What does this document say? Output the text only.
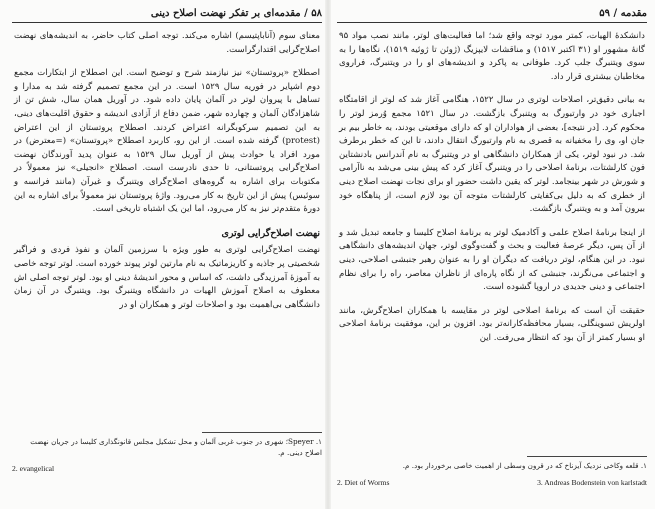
۵۸ / مقدمه‌ای بر تفکر نهضت اصلاح دینی

معنای سوم (آناباپتیسم) اشاره می‌کند. توجه اصلی کتاب حاضر، به اندیشه‌های نهضت اصلاح‌گرایی اقتدارگراست.

اصطلاح «پروتستان» نیز نیازمند شرح و توضیح است. این اصطلاح از ابتکارات مجمع دوم اشپایر در فوریه سال ۱۵۲۹ است. در این مجمع تصمیم گرفته شد به مدارا و تساهل با پیروان لوتر در آلمان پایان داده شود. در آوریل همان سال، شش تن از شاهزادگان آلمان و چهارده شهر، ضمن دفاع از آزادی اندیشه و حقوق اقلیت‌های دینی، به این تصمیم سرکوبگرانه اعتراض کردند. اصطلاح پروتستان از این اعتراض (protest) گرفته شده است. از این رو، کاربرد اصطلاح «پروتستان» (=معترض) در مورد افراد یا حوادث پیش از آوریل سال ۱۵۲۹ به عنوان پدید آورندگان نهضت اصلاح‌گرایی پروتستانی، تا حدی نادرست است. اصطلاح «انجیلی» نیز معمولاً در مکتوبات برای اشاره به گروه‌های اصلاح‌گرای ویتنبرگ و غیرآن (مانند فرانسه و سوئیس) پیش از این تاریخ به کار می‌رود. واژهٔ پروتستان نیز معمولاً برای اشاره به این دورهٔ متقدم‌تر نیز به کار می‌رود، اما این یک اشتباه تاریخی است.

نهضت اصلاح‌گرایی لوتری

نهضت اصلاح‌گرایی لوتری به طور ویژه با سرزمین آلمان و نفوذ فردی و فراگیر شخصیتی پر جاذبه و کاریزماتیک به نام مارتین لوتر پیوند خورده است. لوتر توجه خاصی به آموزهٔ آمرزیدگی داشت، که اساس و محور اندیشهٔ دینی او بود. لوتر توجه اصلی اش معطوف به اصلاح آموزش الهیات در دانشگاه ویتنبرگ بود. ویتنبرگ در آن زمان دانشگاهی بی‌اهمیت بود و اصلاحات لوتر و همکاران او در

۱. Speyer؛ شهری در جنوب غربی آلمان و محل تشکیل مجلس قانونگذاری کلیسا در جریان نهضت اصلاح دینی. م.
2. evangelical
مقدمه / ۵۹

دانشکدهٔ الهیات، کمتر مورد توجه واقع شد؛ اما فعالیت‌های لوتر، مانند نصب مواد ۹۵ گانهٔ مشهور او (۳۱ اکتبر ۱۵۱۷) و مناقشات لایپزیگ (ژوئن تا ژوئیه ۱۵۱۹)، نگاه‌ها را به سوی ویتنبرگ جلب کرد. طوفانی به پاکرد و اندیشه‌های او را در ویتنبرگ، فراروی مخاطبان بیشتری قرار داد.

به بیانی دقیق‌تر، اصلاحات لوتری در سال ۱۵۲۲، هنگامی آغاز شد که لوتر از اقامتگاه اجباری خود در وارتبورگ به ویتنبرگ بازگشت. در سال ۱۵۲۱ مجمع وُرمز لوتر را محکوم کرد. [در نتیجه]، بعضی از هواداران او که دارای موقعیتی بودند، به خاطر بیم بر جان او، وی را مخفیانه به قصری به نام وارتبورگ انتقال دادند، تا این که خطر برطرف شد. در نبود لوتر، یکی از همکاران دانشگاهی او در ویتنبرگ به نام آندرانس بادنشتاین فون کارلشتات، برنامهٔ اصلاحی را در ویتنبرگ آغاز کرد که پیش بینی می‌شد به ناآرامی و شورش در شهر بینجامد. لوتر که یقین داشت حضور او برای نجات نهضت اصلاح دینی از خطری که به دلیل بی‌کفایتی کارلشتات متوجه آن بود لازم است، از پناهگاه خود بیرون آمد و به ویتنبرگ بازگشت.

از اینجا برنامهٔ اصلاح علمی و آکادمیک لوتر به برنامهٔ اصلاح کلیسا و جامعه تبدیل شد و از آن پس، دیگر عرصهٔ فعالیت و بحث و گفت‌وگوی لوتر، جهان اندیشه‌های دانشگاهی نبود. در این هنگام، لوتر دریافت که دیگران او را به عنوان رهبر جنبشی اصلاحی، دینی و اجتماعی می‌نگرند، جنبشی که از نگاه پاره‌ای از ناظران معاصر، راه را برای نظام اجتماعی و دینی جدیدی در اروپا گشوده است.

حقیقت آن است که برنامهٔ اصلاحی لوتر در مقایسه با همکاران اصلاح‌گرش، مانند اولریش تسوینگلی، بسیار محافظه‌کارانه‌تر بود. افزون بر این، موفقیت برنامهٔ اصلاحی او بسیار کمتر از آن بود که انتظار می‌رفت. این

۱. قلعه وکاخی نزدیک آیزناخ که در قرون وسطی از اهمیت خاصی برخوردار بود. م.
2. Diet of Worms	3. Andreas Bodenstein von karlstadt
